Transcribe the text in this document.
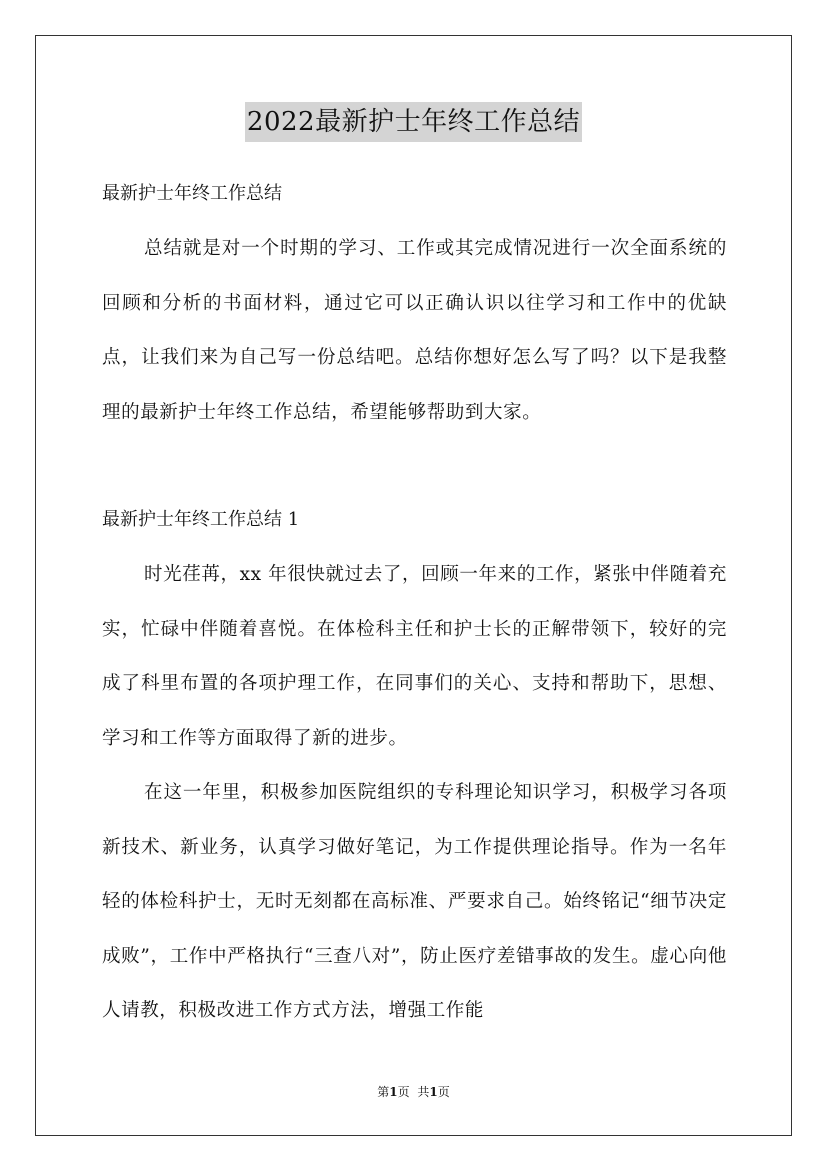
2022最新护士年终工作总结

最新护士年终工作总结

总结就是对一个时期的学习、工作或其完成情况进行一次全面系统的回顾和分析的书面材料，通过它可以正确认识以往学习和工作中的优缺点，让我们来为自己写一份总结吧。总结你想好怎么写了吗？以下是我整理的最新护士年终工作总结，希望能够帮助到大家。

最新护士年终工作总结 1

时光荏苒，xx 年很快就过去了，回顾一年来的工作，紧张中伴随着充实，忙碌中伴随着喜悦。在体检科主任和护士长的正解带领下，较好的完成了科里布置的各项护理工作，在同事们的关心、支持和帮助下，思想、学习和工作等方面取得了新的进步。

在这一年里，积极参加医院组织的专科理论知识学习，积极学习各项新技术、新业务，认真学习做好笔记，为工作提供理论指导。作为一名年轻的体检科护士，无时无刻都在高标准、严要求自己。始终铭记“细节决定成败”，工作中严格执行“三查八对”，防止医疗差错事故的发生。虚心向他人请教，积极改进工作方式方法，增强工作能

第1页 共1页
